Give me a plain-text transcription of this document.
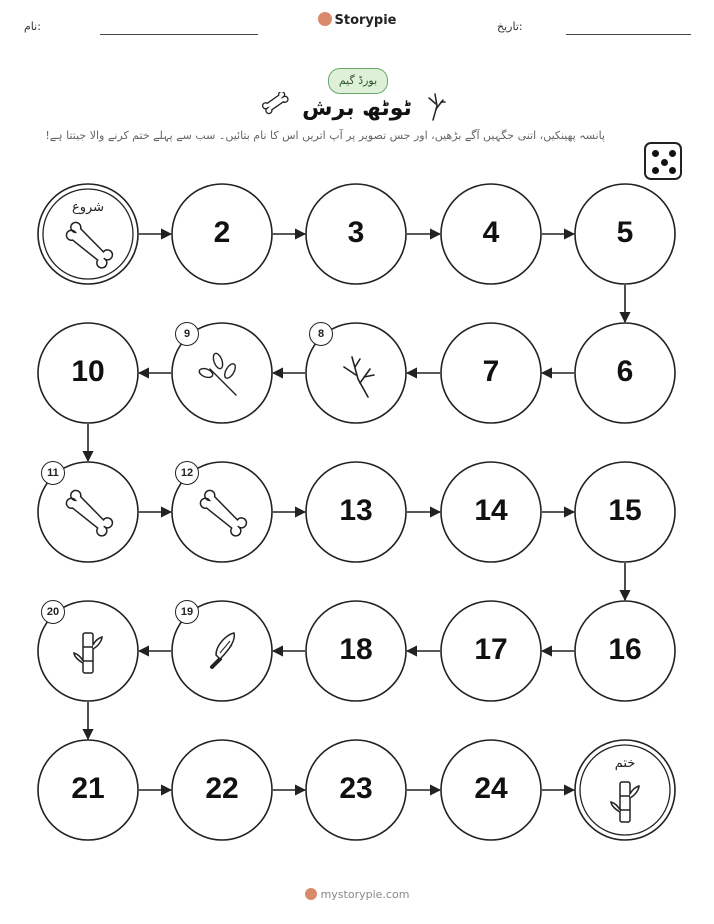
نام:	Storypie	تاریخ:
بورڈ گیم
ٹوٹھ برش
پانسہ پھینکیں، اتنی جگہیں آگے بڑھیں، اور جس تصویر پر آپ اتریں اس کا نام بتائیں۔ سب سے پہلے ختم کرنے والا جیتتا ہے!
شروع
2	3	4	5
6
7
8
9
10
11	12
13	14	15
16
17
18
19
20
21	22	23	24
ختم
mystorypie.com
